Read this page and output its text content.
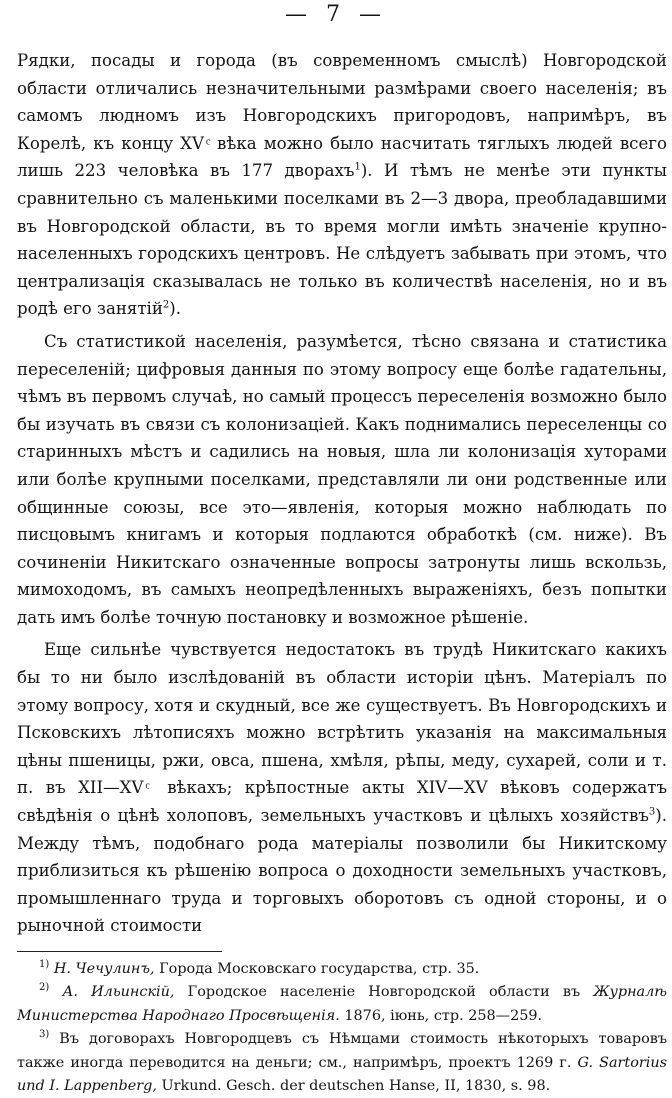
— 7 —

Рядки, посады и города (въ современномъ смыслѣ) Новгородской области отличались незначительными размѣрами своего населенія; въ самомъ людномъ изъ Новгородскихъ пригородовъ, напримѣръ, въ Корелѣ, къ концу XV ͨ вѣка можно было насчитать тяглыхъ людей всего лишь 223 человѣка въ 177 дворахъ$^1$). И тѣмъ не менѣе эти пункты сравнительно съ маленькими поселками въ 2—3 двора, преобладавшими въ Новгородской области, въ то время могли имѣть значеніе крупно-населенныхъ городскихъ центровъ. Не слѣдуетъ забывать при этомъ, что централизація сказывалась не только въ количествѣ населенія, но и въ родѣ его занятій$^2$).

Съ статистикой населенія, разумѣется, тѣсно связана и статистика переселеній; цифровыя данныя по этому вопросу еще болѣе гадательны, чѣмъ въ первомъ случаѣ, но самый процессъ переселенія возможно было бы изучать въ связи съ колонизаціей. Какъ поднимались переселенцы со старинныхъ мѣстъ и садились на новыя, шла ли колонизація хуторами или болѣе крупными поселками, представляли ли они родственные или общинные союзы, все это—явленія, которыя можно наблюдать по писцовымъ книгамъ и которыя подлаются обработкѣ (см. ниже). Въ сочиненіи Никитскаго означенные вопросы затронуты лишь вскользь, мимоходомъ, въ самыхъ неопредѣленныхъ выраженіяхъ, безъ попытки дать имъ болѣе точную постановку и возможное рѣшеніе.

Еще сильнѣе чувствуется недостатокъ въ трудѣ Никитскаго какихъ бы то ни было изслѣдованій въ области исторіи цѣнъ. Матеріалъ по этому вопросу, хотя и скудный, все же существуетъ. Въ Новгородскихъ и Псковскихъ лѣтописяхъ можно встрѣтить указанія на максимальныя цѣны пшеницы, ржи, овса, пшена, хмѣля, рѣпы, меду, сухарей, соли и т. п. въ XII—XV ͨ вѣкахъ; крѣпостные акты XIV—XV вѣковъ содержатъ свѣдѣнія о цѣнѣ холоповъ, земельныхъ участковъ и цѣлыхъ хозяйствъ$^3$). Между тѣмъ, подобнаго рода матеріалы позволили бы Никитскому приблизиться къ рѣшенію вопроса о доходности земельныхъ участковъ, промышленнаго труда и торговыхъ оборотовъ съ одной стороны, и о рыночной стоимости

$^{1)}$ Н. Чечулинъ, Города Московскаго государства, стр. 35.

$^{2)}$ А. Ильинскій, Городское населеніе Новгородской области въ Журналѣ Министерства Народнаго Просвѣщенія. 1876, іюнь, стр. 258—259.

$^{3)}$ Въ договорахъ Новгородцевъ съ Нѣмцами стоимость нѣкоторыхъ товаровъ также иногда переводится на деньги; см., напримѣръ, проектъ 1269 г. G. Sartorius und I. Lappenberg, Urkund. Gesch. der deutschen Hanse, II, 1830, s. 98.
